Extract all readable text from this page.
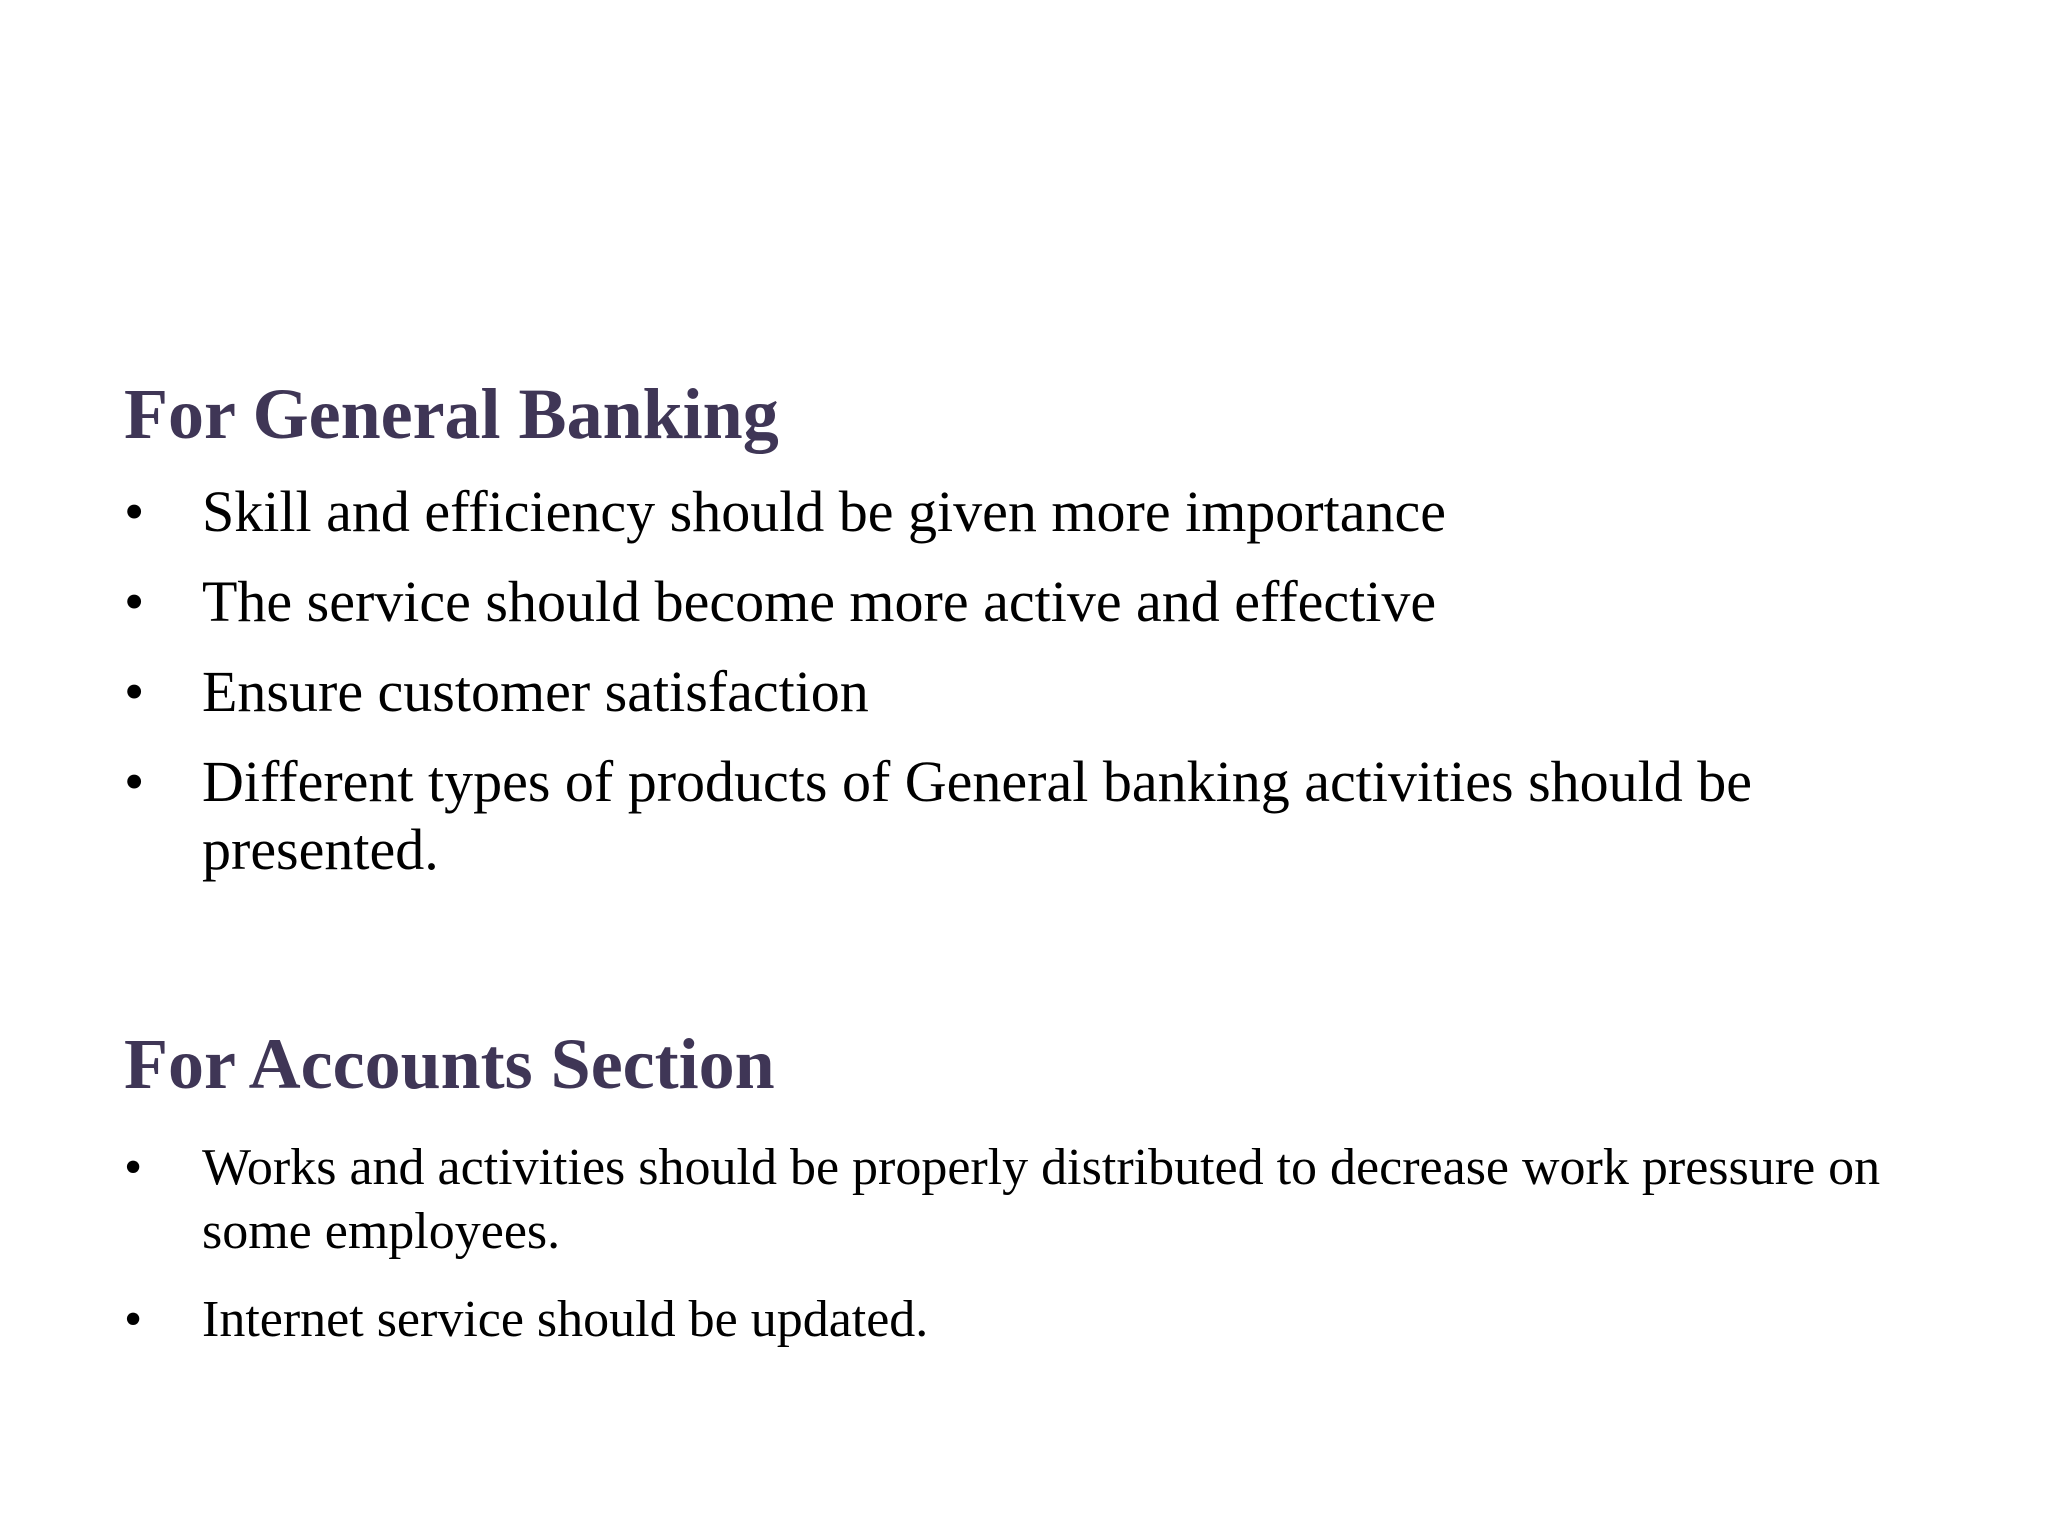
For General Banking
• Skill and efficiency should be given more importance
• The service should become more active and effective
• Ensure customer satisfaction
• Different types of products of General banking activities should be presented.
For Accounts Section
• Works and activities should be properly distributed to decrease work pressure on some employees.
• Internet service should be updated.
